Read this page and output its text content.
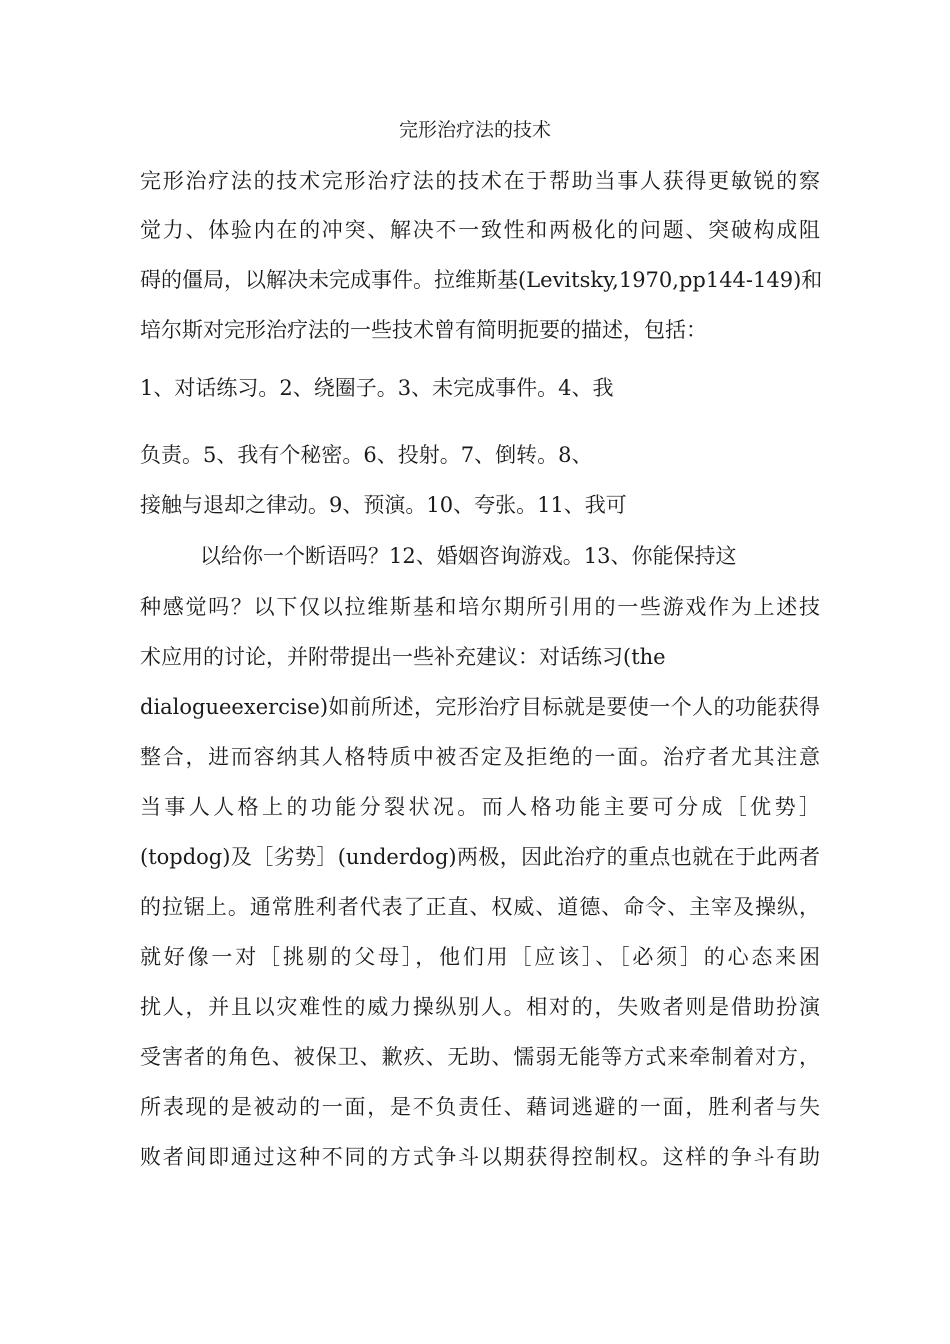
完形治疗法的技术
完形治疗法的技术完形治疗法的技术在于帮助当事人获得更敏锐的察
觉力、体验内在的冲突、解决不一致性和两极化的问题、突破构成阻
碍的僵局，以解决未完成事件。拉维斯基(Levitsky,1970,pp144-149)和
培尔斯对完形治疗法的一些技术曾有简明扼要的描述，包括：
1、对话练习。2、绕圈子。3、未完成事件。4、我
负责。5、我有个秘密。6、投射。7、倒转。8、
接触与退却之律动。9、预演。10、夸张。11、我可
以给你一个断语吗？12、婚姻咨询游戏。13、你能保持这
种感觉吗？以下仅以拉维斯基和培尔期所引用的一些游戏作为上述技
术应用的讨论，并附带提出一些补充建议：对话练习(the
dialogueexercise)如前所述，完形治疗目标就是要使一个人的功能获得
整合，进而容纳其人格特质中被否定及拒绝的一面。治疗者尤其注意
当事人人格上的功能分裂状况。而人格功能主要可分成［优势］
(topdog)及［劣势］(underdog)两极，因此治疗的重点也就在于此两者
的拉锯上。通常胜利者代表了正直、权威、道德、命令、主宰及操纵，
就好像一对［挑剔的父母］，他们用［应该］、［必须］的心态来困
扰人，并且以灾难性的威力操纵别人。相对的，失败者则是借助扮演
受害者的角色、被保卫、歉疚、无助、懦弱无能等方式来牵制着对方，
所表现的是被动的一面，是不负责任、藉词逃避的一面，胜利者与失
败者间即通过这种不同的方式争斗以期获得控制权。这样的争斗有助
